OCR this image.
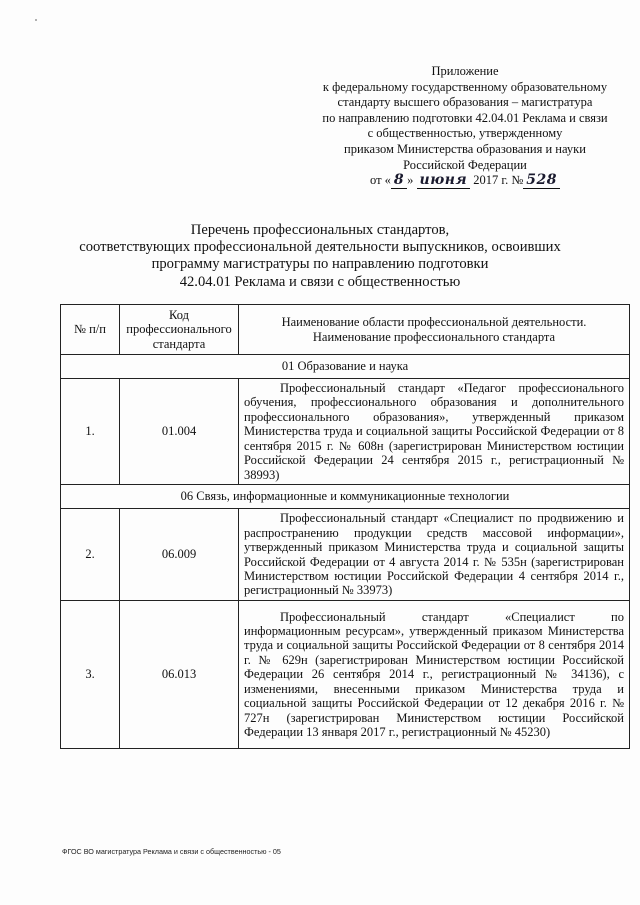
Приложение
к федеральному государственному образовательному
стандарту высшего образования – магистратура
по направлению подготовки 42.04.01 Реклама и связи
с общественностью, утвержденному
приказом Министерства образования и науки
Российской Федерации
от « 8 » июня 2017 г. № 528
Перечень профессиональных стандартов,
соответствующих профессиональной деятельности выпускников, освоивших
программу магистратуры по направлению подготовки
42.04.01 Реклама и связи с общественностью
№ п/п	Код профессионального стандарта	Наименование области профессиональной деятельности.
Наименование профессионального стандарта
01 Образование и наука		
1.	01.004	Профессиональный стандарт «Педагог профессионального обучения, профессионального образования и дополнительного профессионального образования», утвержденный приказом Министерства труда и социальной защиты Российской Федерации от 8 сентября 2015 г. № 608н (зарегистрирован Министерством юстиции Российской Федерации 24 сентября 2015 г., регистрационный № 38993)

06 Связь, информационные и коммуникационные технологии		
2.	06.009	Профессиональный стандарт «Специалист по продвижению и распространению продукции средств массовой информации», утвержденный приказом Министерства труда и социальной защиты Российской Федерации от 4 августа 2014 г. № 535н (зарегистрирован Министерством юстиции Российской Федерации 4 сентября 2014 г., регистрационный № 33973)

3.	06.013	Профессиональный стандарт «Специалист по информационным ресурсам», утвержденный приказом Министерства труда и социальной защиты Российской Федерации от 8 сентября 2014 г. № 629н (зарегистрирован Министерством юстиции Российской Федерации 26 сентября 2014 г., регистрационный № 34136), с изменениями, внесенными приказом Министерства труда и социальной защиты Российской Федерации от 12 декабря 2016 г. № 727н (зарегистрирован Министерством юстиции Российской Федерации 13 января 2017 г., регистрационный № 45230)

ФГОС ВО магистратура Реклама и связи с общественностью - 05
